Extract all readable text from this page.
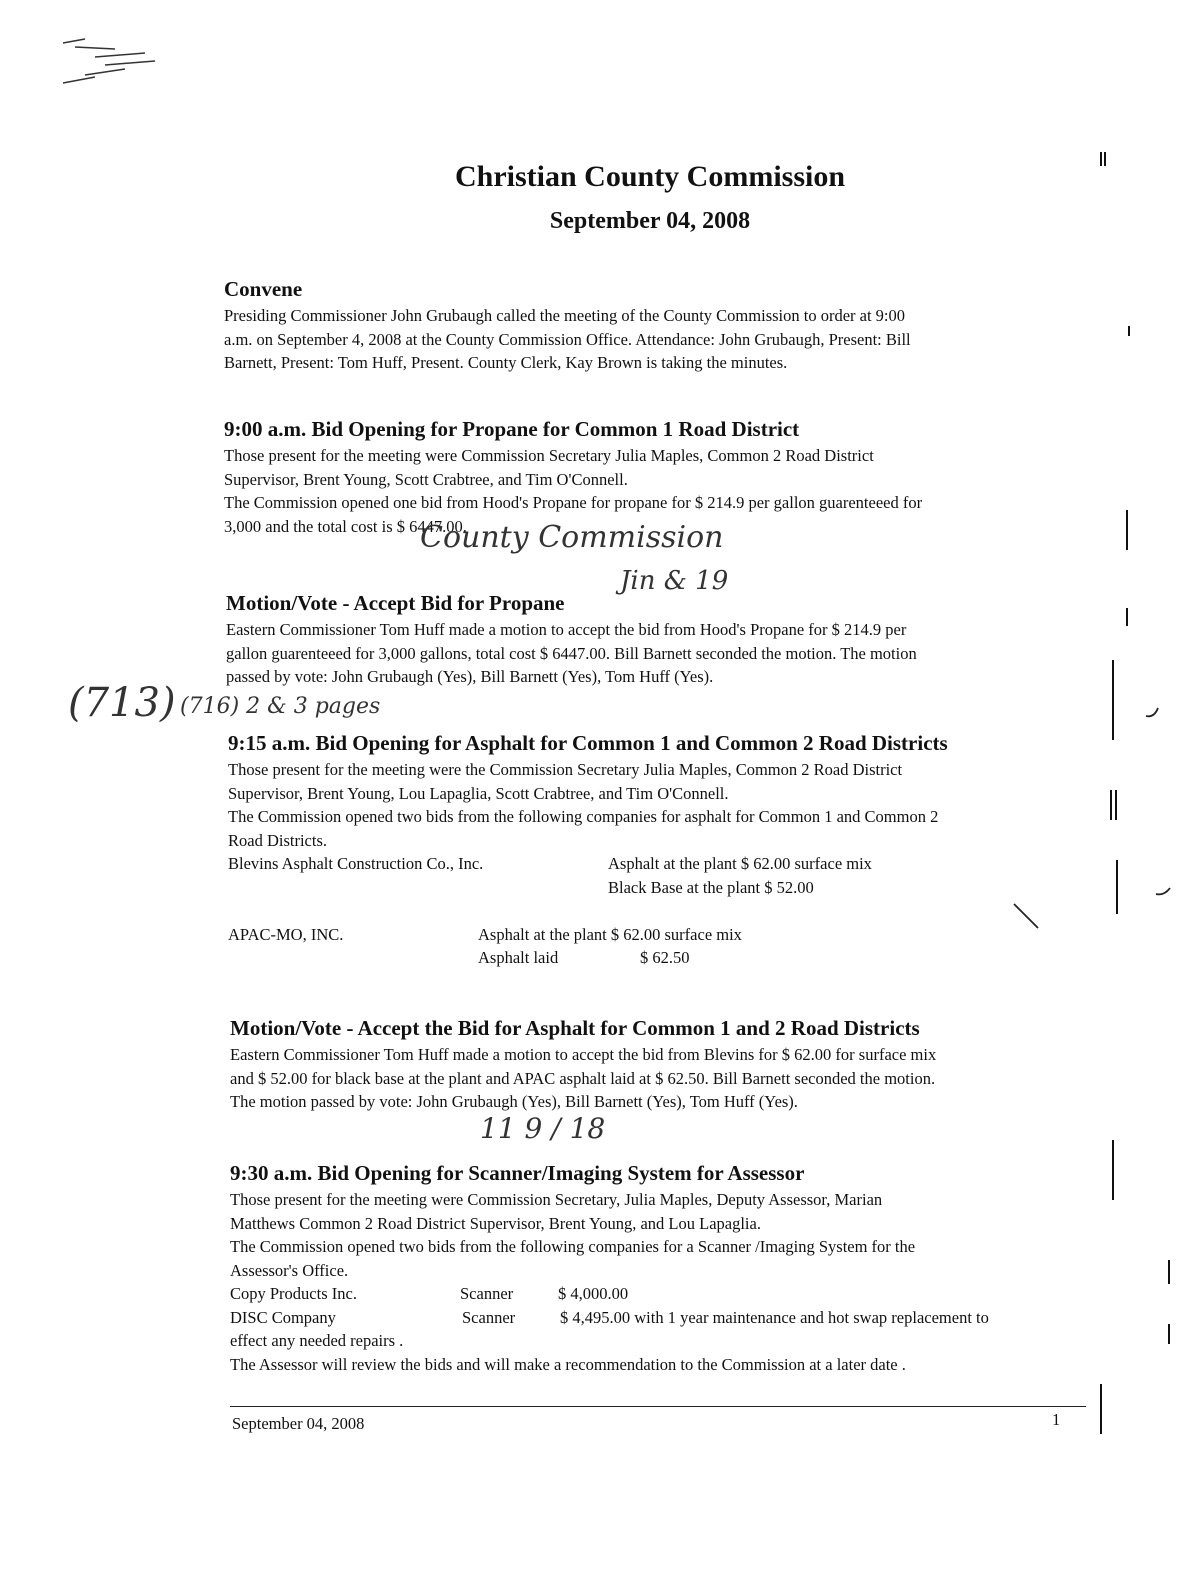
Christian County Commission
September 04, 2008
Convene

Presiding Commissioner John Grubaugh called the meeting of the County Commission to order at 9:00

a.m. on September 4, 2008 at the County Commission Office. Attendance: John Grubaugh, Present: Bill

Barnett, Present: Tom Huff, Present. County Clerk, Kay Brown is taking the minutes.

9:00 a.m. Bid Opening for Propane for Common 1 Road District

Those present for the meeting were Commission Secretary Julia Maples, Common 2 Road District

Supervisor, Brent Young, Scott Crabtree, and Tim O'Connell.

The Commission opened one bid from Hood's Propane for propane for $ 214.9 per gallon guarenteeed for

3,000 and the total cost is $ 6447.00.

County Commission
Jin & 19
Motion/Vote - Accept Bid for Propane

Eastern Commissioner Tom Huff made a motion to accept the bid from Hood's Propane for $ 214.9 per

gallon guarenteeed for 3,000 gallons, total cost $ 6447.00. Bill Barnett seconded the motion. The motion

passed by vote: John Grubaugh (Yes), Bill Barnett (Yes), Tom Huff (Yes).

(713) (716) 2 & 3 pages
9:15 a.m. Bid Opening for Asphalt for Common 1 and Common 2 Road Districts

Those present for the meeting were the Commission Secretary Julia Maples, Common 2 Road District

Supervisor, Brent Young, Lou Lapaglia, Scott Crabtree, and Tim O'Connell.

The Commission opened two bids from the following companies for asphalt for Common 1 and Common 2

Road Districts.

Blevins Asphalt Construction Co., Inc.	Asphalt at the plant $ 62.00 surface mix
Black Base at the plant $ 52.00
APAC-MO, INC.	Asphalt at the plant $ 62.00 surface mix
Asphalt laid	$ 62.50
Motion/Vote - Accept the Bid for Asphalt for Common 1 and 2 Road Districts

Eastern Commissioner Tom Huff made a motion to accept the bid from Blevins for $ 62.00 for surface mix

and $ 52.00 for black base at the plant and APAC asphalt laid at $ 62.50. Bill Barnett seconded the motion.

The motion passed by vote: John Grubaugh (Yes), Bill Barnett (Yes), Tom Huff (Yes).

11 9 / 18
9:30 a.m. Bid Opening for Scanner/Imaging System for Assessor

Those present for the meeting were Commission Secretary, Julia Maples, Deputy Assessor, Marian

Matthews Common 2 Road District Supervisor, Brent Young, and Lou Lapaglia.

The Commission opened two bids from the following companies for a Scanner /Imaging System for the

Assessor's Office.

Copy Products Inc.	Scanner	$ 4,000.00
DISC Company	Scanner	$ 4,495.00 with 1 year maintenance and hot swap replacement to

effect any needed repairs .

The Assessor will review the bids and will make a recommendation to the Commission at a later date .

September 04, 2008	1
